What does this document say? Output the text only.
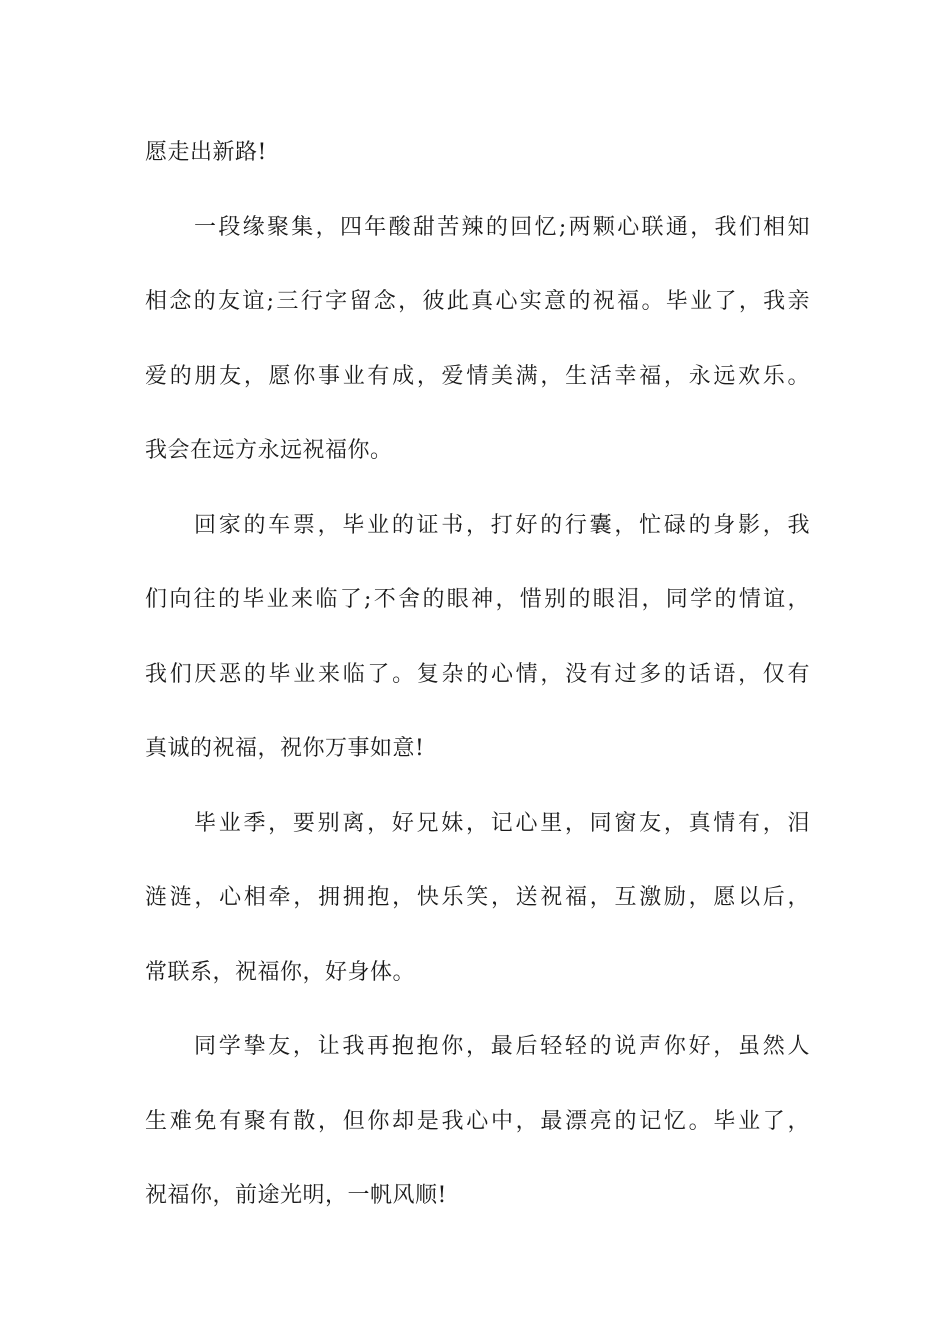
愿走出新路!
一段缘聚集，四年酸甜苦辣的回忆;两颗心联通，我们相知
相念的友谊;三行字留念，彼此真心实意的祝福。毕业了，我亲
爱的朋友，愿你事业有成，爱情美满，生活幸福，永远欢乐。
我会在远方永远祝福你。
回家的车票，毕业的证书，打好的行囊，忙碌的身影，我
们向往的毕业来临了;不舍的眼神，惜别的眼泪，同学的情谊，
我们厌恶的毕业来临了。复杂的心情，没有过多的话语，仅有
真诚的祝福，祝你万事如意!
毕业季，要别离，好兄妹，记心里，同窗友，真情有，泪
涟涟，心相牵，拥拥抱，快乐笑，送祝福，互激励，愿以后，
常联系，祝福你，好身体。
同学挚友，让我再抱抱你，最后轻轻的说声你好，虽然人
生难免有聚有散，但你却是我心中，最漂亮的记忆。毕业了，
祝福你，前途光明，一帆风顺!
